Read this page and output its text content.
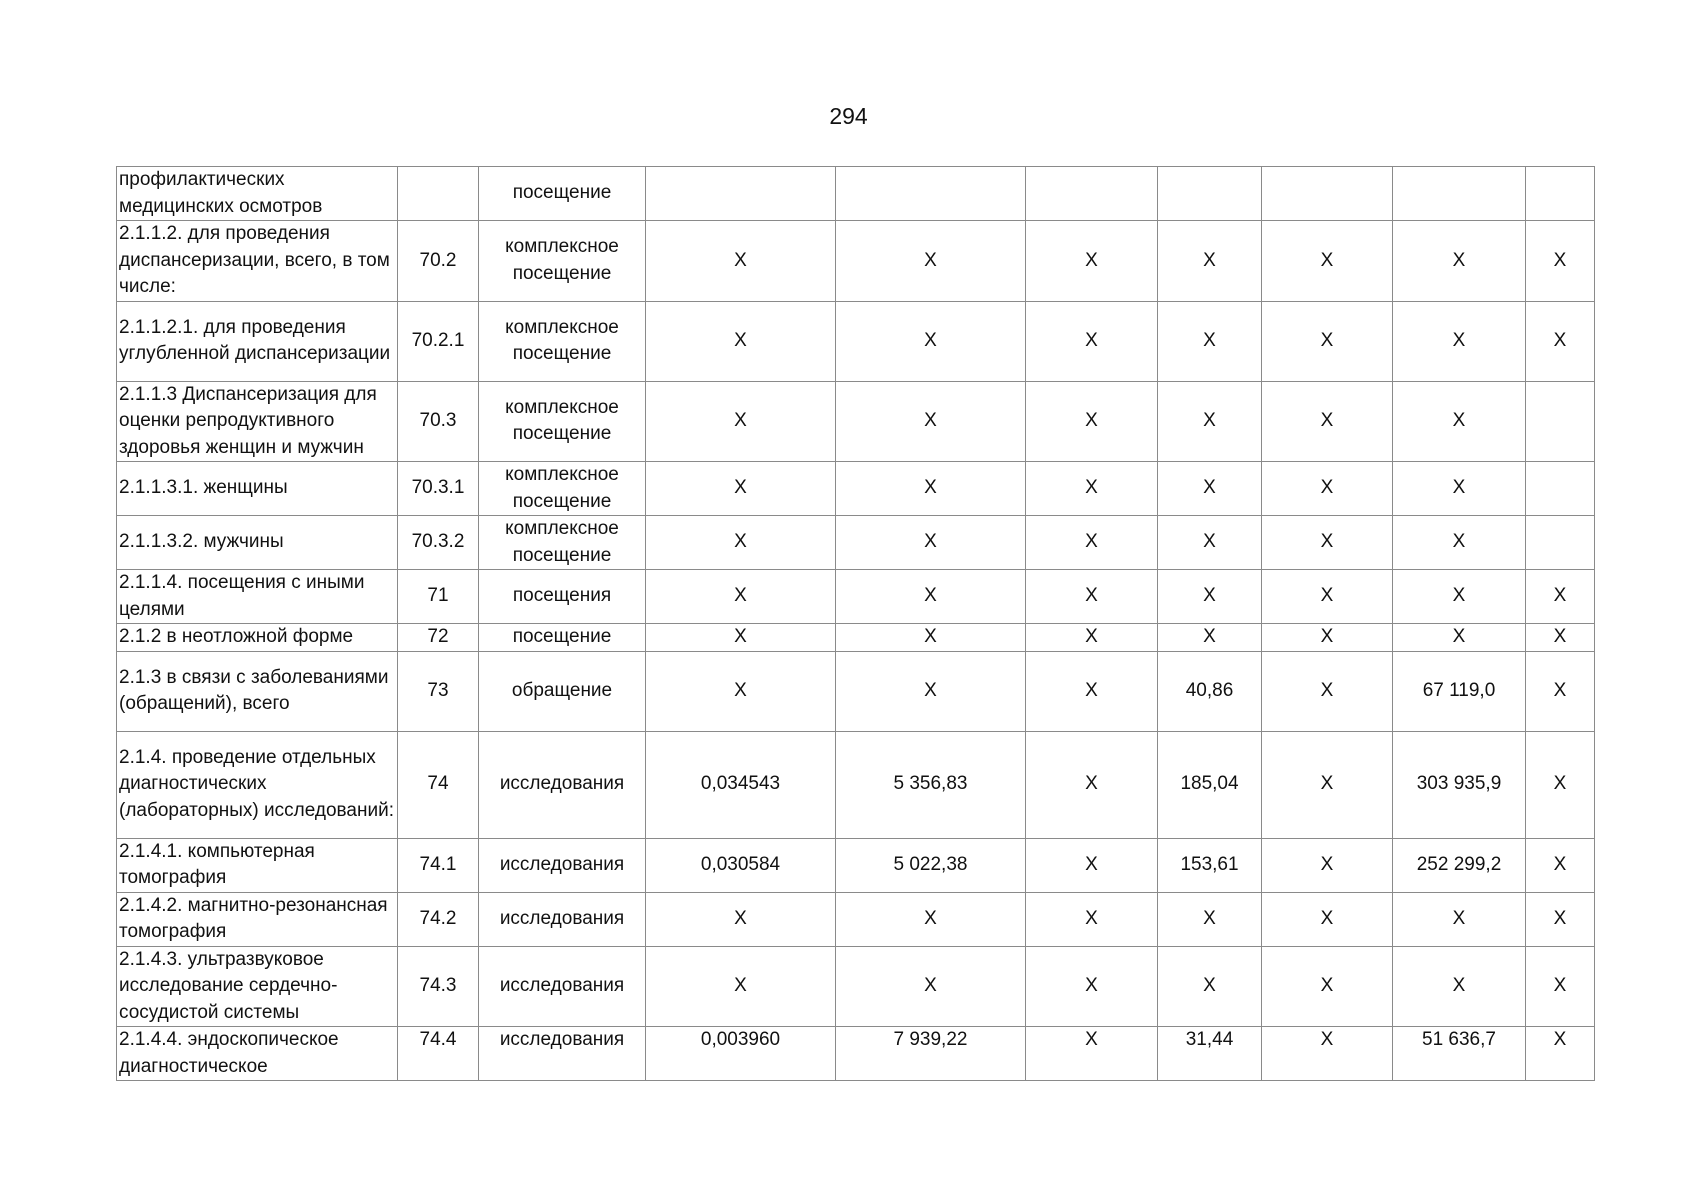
294
профилактических медицинских осмотров		посещение							
2.1.1.2. для проведения диспансеризации, всего, в том числе:	70.2	комплексное посещение	X	X	X	X	X	X	X
2.1.1.2.1. для проведения углубленной диспансеризации	70.2.1	комплексное посещение	X	X	X	X	X	X	X
2.1.1.3 Диспансеризация для оценки репродуктивного здоровья женщин и мужчин	70.3	комплексное посещение	X	X	X	X	X	X	
2.1.1.3.1. женщины	70.3.1	комплексное посещение	X	X	X	X	X	X	
2.1.1.3.2. мужчины	70.3.2	комплексное посещение	X	X	X	X	X	X	
2.1.1.4. посещения с иными целями	71	посещения	X	X	X	X	X	X	X
2.1.2 в неотложной форме	72	посещение	X	X	X	X	X	X	X
2.1.3 в связи с заболеваниями (обращений), всего	73	обращение	X	X	X	40,86	X	67 119,0	X
2.1.4. проведение отдельных диагностических (лабораторных) исследований:	74	исследования	0,034543	5 356,83	X	185,04	X	303 935,9	X
2.1.4.1. компьютерная томография	74.1	исследования	0,030584	5 022,38	X	153,61	X	252 299,2	X
2.1.4.2. магнитно-резонансная томография	74.2	исследования	X	X	X	X	X	X	X
2.1.4.3. ультразвуковое исследование сердечно-сосудистой системы	74.3	исследования	X	X	X	X	X	X	X
2.1.4.4. эндоскопическое диагностическое	74.4	исследования	0,003960	7 939,22	X	31,44	X	51 636,7	X
